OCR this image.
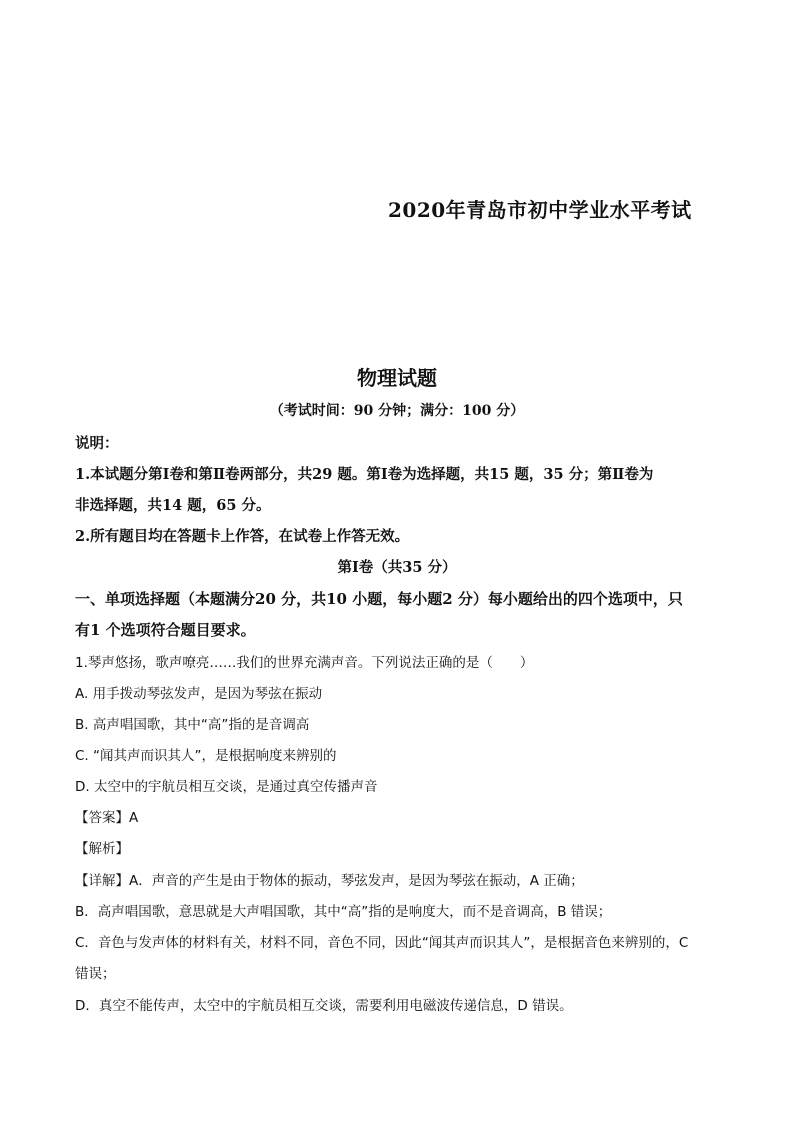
2020年青岛市初中学业水平考试
物理试题
（考试时间：90 分钟；满分：100 分）
说明：
1.本试题分第Ⅰ卷和第Ⅱ卷两部分，共29 题。第Ⅰ卷为选择题，共15 题，35 分；第Ⅱ卷为
非选择题，共14 题，65 分。
2.所有题目均在答题卡上作答，在试卷上作答无效。
第Ⅰ卷（共35 分）
一、单项选择题（本题满分20 分，共10 小题，每小题2 分）每小题给出的四个选项中，只
有1 个选项符合题目要求。
1.琴声悠扬，歌声嘹亮……我们的世界充满声音。下列说法正确的是（　　）
A. 用手拨动琴弦发声，是因为琴弦在振动
B. 高声唱国歌，其中“高”指的是音调高
C. “闻其声而识其人”，是根据响度来辨别的
D. 太空中的宇航员相互交谈，是通过真空传播声音
【答案】A
【解析】
【详解】A．声音的产生是由于物体的振动，琴弦发声，是因为琴弦在振动，A 正确；
B．高声唱国歌，意思就是大声唱国歌，其中“高”指的是响度大，而不是音调高，B 错误；
C．音色与发声体的材料有关，材料不同，音色不同，因此“闻其声而识其人”，是根据音色来辨别的，C
错误；
D．真空不能传声，太空中的宇航员相互交谈，需要利用电磁波传递信息，D 错误。
